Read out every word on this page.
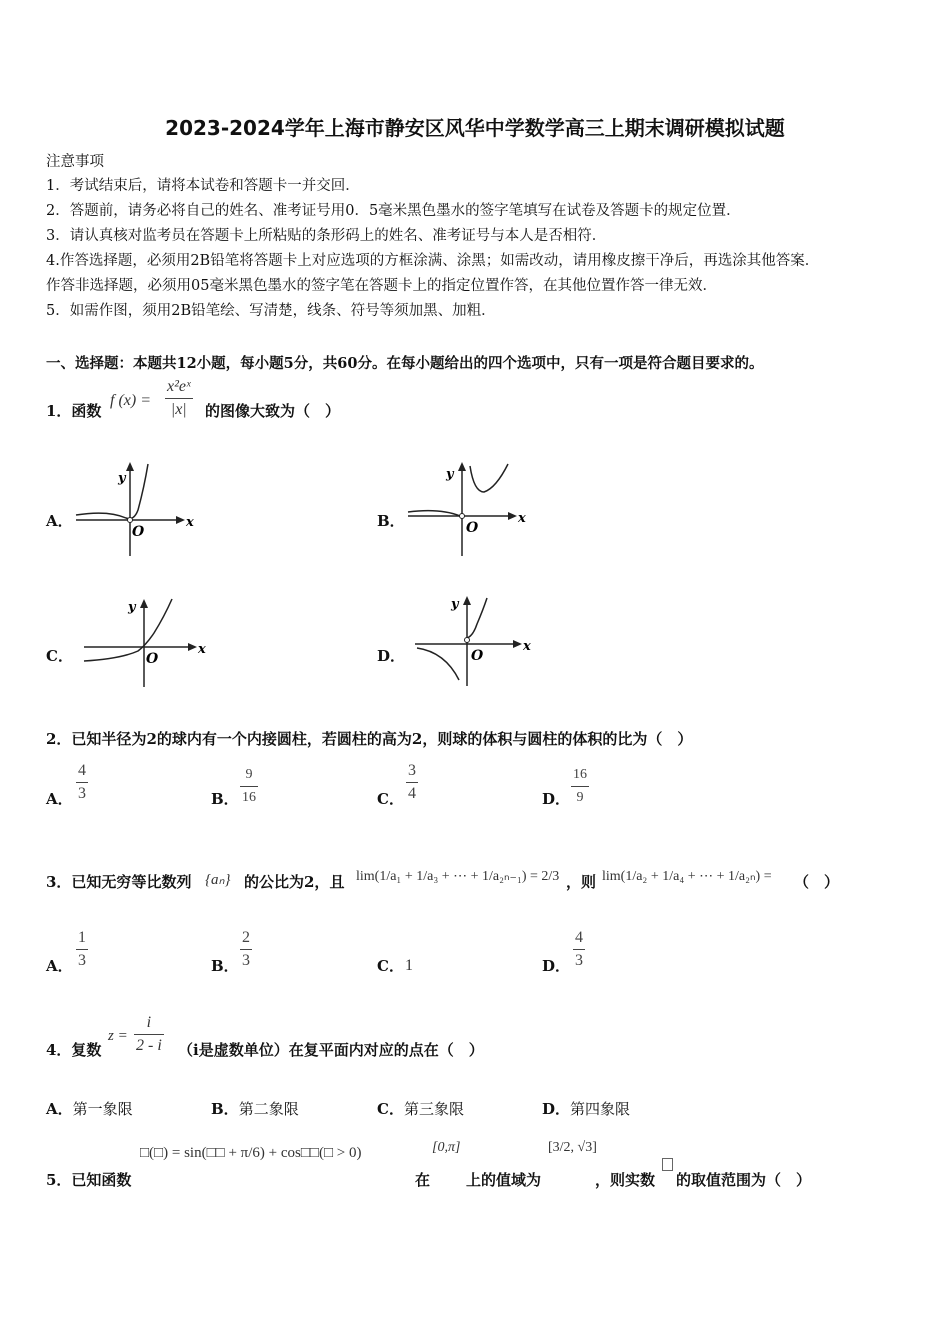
2023-2024学年上海市静安区风华中学数学高三上期末调研模拟试题
注意事项
1．考试结束后，请将本试卷和答题卡一并交回．
2．答题前，请务必将自己的姓名、准考证号用0．5毫米黑色墨水的签字笔填写在试卷及答题卡的规定位置．
3．请认真核对监考员在答题卡上所粘贴的条形码上的姓名、准考证号与本人是否相符．
4.作答选择题，必须用2B铅笔将答题卡上对应选项的方框涂满、涂黑；如需改动，请用橡皮擦干净后，再选涂其他答案．
作答非选择题，必须用05毫米黑色墨水的签字笔在答题卡上的指定位置作答，在其他位置作答一律无效．
5．如需作图，须用2B铅笔绘、写清楚，线条、符号等须加黑、加粗．
一、选择题：本题共12小题，每小题5分，共60分。在每小题给出的四个选项中，只有一项是符合题目要求的。
1．函数
f (x) =
x²eˣ
|x| 的图像大致为（　）
A．	B．
C．	D．
y
O
x
y
O
x
y
O
x
y
O
x
2．已知半径为2的球内有一个内接圆柱，若圆柱的高为2，则球的体积与圆柱的体积的比为（　）
A．
4
3	B．
9
16	C．
3
4	D．
16
9
3．已知无穷等比数列 {aₙ} 的公比为2，且 lim(1/a₁ + 1/a₃ + ⋯ + 1/a₂ₙ₋₁) = 2/3 ，则 lim(1/a₂ + 1/a₄ + ⋯ + 1/a₂ₙ) = （　）
A．
1
3	B．
2
3	C． 1	D．
4
3
4．复数
z =
i
2 - i （i是虚数单位）在复平面内对应的点在（　）
A．第一象限	B．第二象限	C．第三象限	D．第四象限
5．已知函数
□(□) = sin(□□ + π/6) + cos□□(□ > 0)
在
[0,π]
上的值域为
[3/2, √3]
，则实数 的取值范围为（　）
